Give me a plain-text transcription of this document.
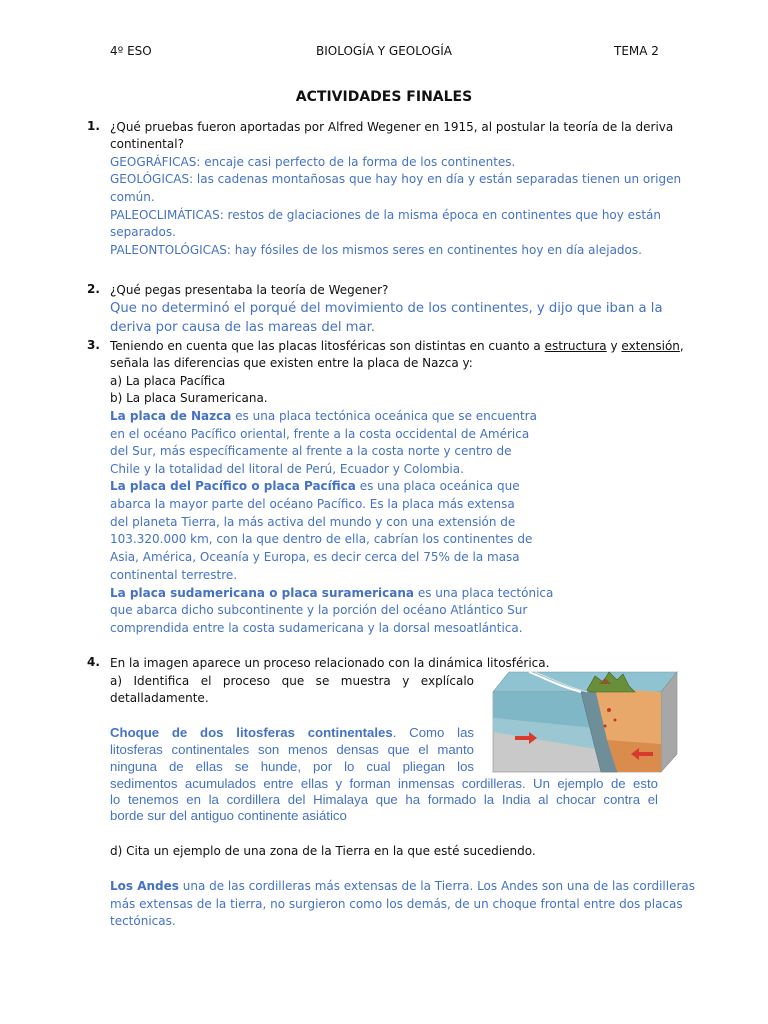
4º ESO	BIOLOGÍA Y GEOLOGÍA	TEMA 2
ACTIVIDADES FINALES
1. ¿Qué pruebas fueron aportadas por Alfred Wegener en 1915, al postular la teoría de la deriva
continental?
GEOGRÁFICAS: encaje casi perfecto de la forma de los continentes.
GEOLÓGICAS: las cadenas montañosas que hay hoy en día y están separadas tienen un origen
común.
PALEOCLIMÁTICAS: restos de glaciaciones de la misma época en continentes que hoy están
separados.
PALEONTOLÓGICAS: hay fósiles de los mismos seres en continentes hoy en día alejados.
2. ¿Qué pegas presentaba la teoría de Wegener?
Que no determinó el porqué del movimiento de los continentes, y dijo que iban a la
deriva por causa de las mareas del mar.
3. Teniendo en cuenta que las placas litosféricas son distintas en cuanto a estructura y extensión,
señala las diferencias que existen entre la placa de Nazca y:
a) La placa Pacífica
b) La placa Suramericana.
La placa de Nazca es una placa tectónica oceánica que se encuentra
en el océano Pacífico oriental, frente a la costa occidental de América
del Sur, más específicamente al frente a la costa norte y centro de
Chile y la totalidad del litoral de Perú, Ecuador y Colombia.
La placa del Pacífico o placa Pacífica es una placa oceánica que
abarca la mayor parte del océano Pacífico. Es la placa más extensa
del planeta Tierra, la más activa del mundo y con una extensión de
103.320.000 km, con la que dentro de ella, cabrían los continentes de
Asia, América, Oceanía y Europa, es decir cerca del 75% de la masa
continental terrestre.
La placa sudamericana o placa suramericana es una placa tectónica
que abarca dicho subcontinente y la porción del océano Atlántico Sur
comprendida entre la costa sudamericana y la dorsal mesoatlántica.
4. En la imagen aparece un proceso relacionado con la dinámica litosférica.
a) Identifica el proceso que se muestra y explícalo
detalladamente.
Choque de dos litosferas continentales. Como las
litosferas continentales son menos densas que el manto
ninguna de ellas se hunde, por lo cual pliegan los
sedimentos acumulados entre ellas y forman inmensas cordilleras. Un ejemplo de esto
lo tenemos en la cordillera del Himalaya que ha formado la India al chocar contra el
borde sur del antiguo continente asiático
d) Cita un ejemplo de una zona de la Tierra en la que esté sucediendo.
Los Andes una de las cordilleras más extensas de la Tierra. Los Andes son una de las cordilleras
más extensas de la tierra, no surgieron como los demás, de un choque frontal entre dos placas
tectónicas.
